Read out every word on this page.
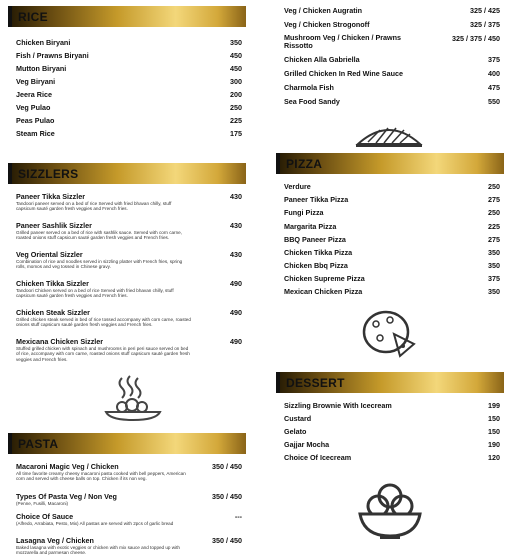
RICE
Chicken Biryani	350
Fish / Prawns Biryani	450
Mutton Biryani	450
Veg Biryani	300
Jeera Rice	200
Veg Pulao	250
Peas Pulao	225
Steam Rice	175
SIZZLERS
Paneer Tikka Sizzler	430
Tandoori paneer served on a bed of rice Served with fried bhavan chilly, stuff capsicum sauté garden fresh veggies and French fries.
Paneer Sashlik Sizzler	430
Grilled paneer served on a bed of rice with sashlik sauce. Served with corn carne, roasted onions stuff capsicum sauté garden fresh veggies and French fries.
Veg Oriental Sizzler	430
Combination of rice and noodles served in sizzling platter with French fries, spring rolls, momos and veg tossed in Chinese gravy.
Chicken Tikka Sizzler	490
Tandoori Chicken served on a bed of rice Served with fried bhavan chilly, stuff capsicum sauté garden fresh veggies and French fries.
Chicken Steak Sizzler	490
Grilled chicken steak served in bed of rice tossed accompany with corn carne, roasted onions stuff capsicum sauté garden fresh veggies and French fries.
Mexicana Chicken Sizzler	490
Stuffed grilled chicken with spinach and mushrooms in peri peri sauce served on bed of rice, accompany with corn carne, roasted onions stuff capsicum sauté garden fresh veggies and French fries.
PASTA
Macaroni Magic Veg / Chicken	350 / 450
All time favorite creamy cheesy macaroni pasta cooked with bell peppers, American corn and served with cheese balls on top. Chicken if its non veg.
Types Of Pasta Veg / Non Veg	350 / 450
(Penne, Fusilli, Macaroni)
Choice Of Sauce	---
(Alfredo, Arrabiata, Pesto, Mix) All pastas are served with 2pcs of garlic bread
Lasagna Veg / Chicken	350 / 450
Baked lasagna with exotic veggies or chicken with mix sauce and topped up with mozzarella and parmesan cheese.
Veg / Chicken Augratin	325 / 425
Veg / Chicken Strogonoff	325 / 375
Mushroom Veg / Chicken / Prawns Rissotto
325 / 375 / 450
Chicken Alla Gabriella	375
Grilled Chicken In Red Wine Sauce	400
Charmola Fish	475
Sea Food Sandy	550
PIZZA
Verdure	250
Paneer Tikka Pizza	275
Fungi Pizza	250
Margarita Pizza	225
BBQ Paneer Pizza	275
Chicken Tikka Pizza	350
Chicken Bbq Pizza	350
Chicken Supreme Pizza	375
Mexican Chicken Pizza	350
DESSERT
Sizzling Brownie With Icecream	199
Custard	150
Gelato	150
Gajjar Mocha	190
Choice Of Icecream	120
